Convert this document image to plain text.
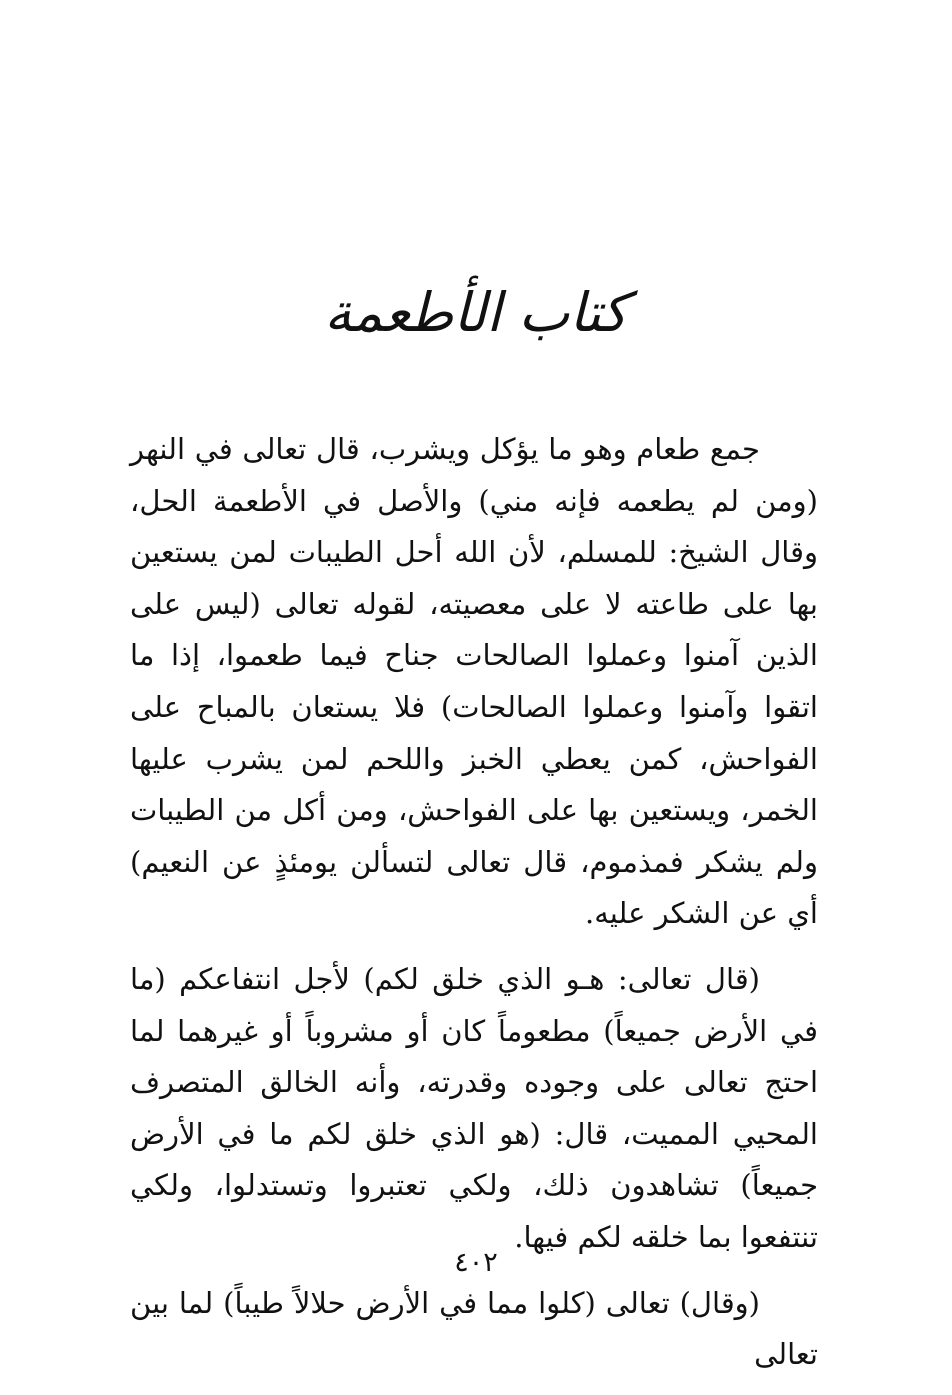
كتاب الأطعمة

جمع طعام وهو ما يؤكل ويشرب، قال تعالى في النهر (ومن لم يطعمه فإنه مني) والأصل في الأطعمة الحل، وقال الشيخ: للمسلم، لأن الله أحل الطيبات لمن يستعين بها على طاعته لا على معصيته، لقوله تعالى (ليس على الذين آمنوا وعملوا الصالحات جناح فيما طعموا، إذا ما اتقوا وآمنوا وعملوا الصالحات) فلا يستعان بالمباح على الفواحش، كمن يعطي الخبز واللحم لمن يشرب عليها الخمر، ويستعين بها على الفواحش، ومن أكل من الطيبات ولم يشكر فمذموم، قال تعالى لتسألن يومئذٍ عن النعيم) أي عن الشكر عليه.

(قال تعالى: هـو الذي خلق لكم) لأجل انتفاعكم (ما في الأرض جميعاً) مطعوماً كان أو مشروباً أو غيرهما لما احتج تعالى على وجوده وقدرته، وأنه الخالق المتصرف المحيي المميت، قال: (هو الذي خلق لكم ما في الأرض جميعاً) تشاهدون ذلك، ولكي تعتبروا وتستدلوا، ولكي تنتفعوا بما خلقه لكم فيها.

(وقال) تعالى (كلوا مما في الأرض حلالاً طيباً) لما بين تعالى

٤٠٢
